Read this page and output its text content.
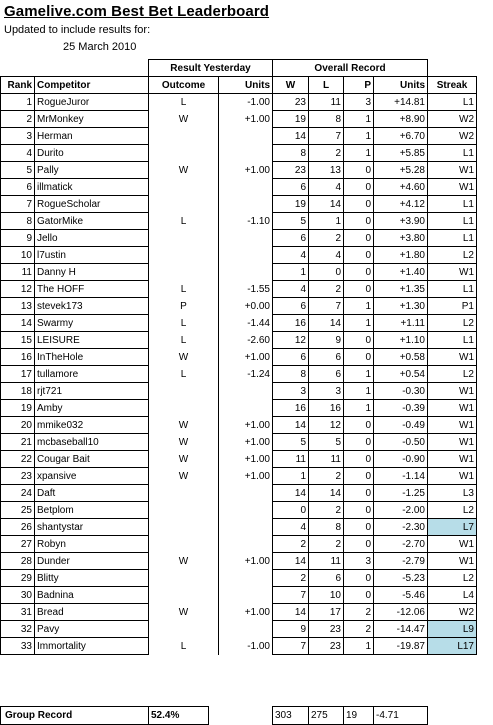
Gamelive.com Best Bet Leaderboard
Updated to include results for:
25 March 2010
		Result Yesterday		Overall Record				
Rank	Competitor	Outcome	Units	W	L	P	Units	Streak
1	RogueJuror	L	-1.00	23	11	3	+14.81	L1
2	MrMonkey	W	+1.00	19	8	1	+8.90	W2
3	Herman			14	7	1	+6.70	W2
4	Durito			8	2	1	+5.85	L1
5	Pally	W	+1.00	23	13	0	+5.28	W1
6	illmatick			6	4	0	+4.60	W1
7	RogueScholar			19	14	0	+4.12	L1
8	GatorMike	L	-1.10	5	1	0	+3.90	L1
9	Jello			6	2	0	+3.80	L1
10	l7ustin			4	4	0	+1.80	L2
11	Danny H			1	0	0	+1.40	W1
12	The HOFF	L	-1.55	4	2	0	+1.35	L1
13	stevek173	P	+0.00	6	7	1	+1.30	P1
14	Swarmy	L	-1.44	16	14	1	+1.11	L2
15	LEISURE	L	-2.60	12	9	0	+1.10	L1
16	InTheHole	W	+1.00	6	6	0	+0.58	W1
17	tullamore	L	-1.24	8	6	1	+0.54	L2
18	rjt721			3	3	1	-0.30	W1
19	Amby			16	16	1	-0.39	W1
20	mmike032	W	+1.00	14	12	0	-0.49	W1
21	mcbaseball10	W	+1.00	5	5	0	-0.50	W1
22	Cougar Bait	W	+1.00	11	11	0	-0.90	W1
23	xpansive	W	+1.00	1	2	0	-1.14	W1
24	Daft			14	14	0	-1.25	L3
25	Betplom			0	2	0	-2.00	L2
26	shantystar			4	8	0	-2.30	L7
27	Robyn			2	2	0	-2.70	W1
28	Dunder	W	+1.00	14	11	3	-2.79	W1
29	Blitty			2	6	0	-5.23	L2
30	Badnina			7	10	0	-5.46	L4
31	Bread	W	+1.00	14	17	2	-12.06	W2
32	Pavy			9	23	2	-14.47	L9
33	Immortality	L	-1.00	7	23	1	-19.87	L17
Group Record	52.4%		303	275	19	-4.71
